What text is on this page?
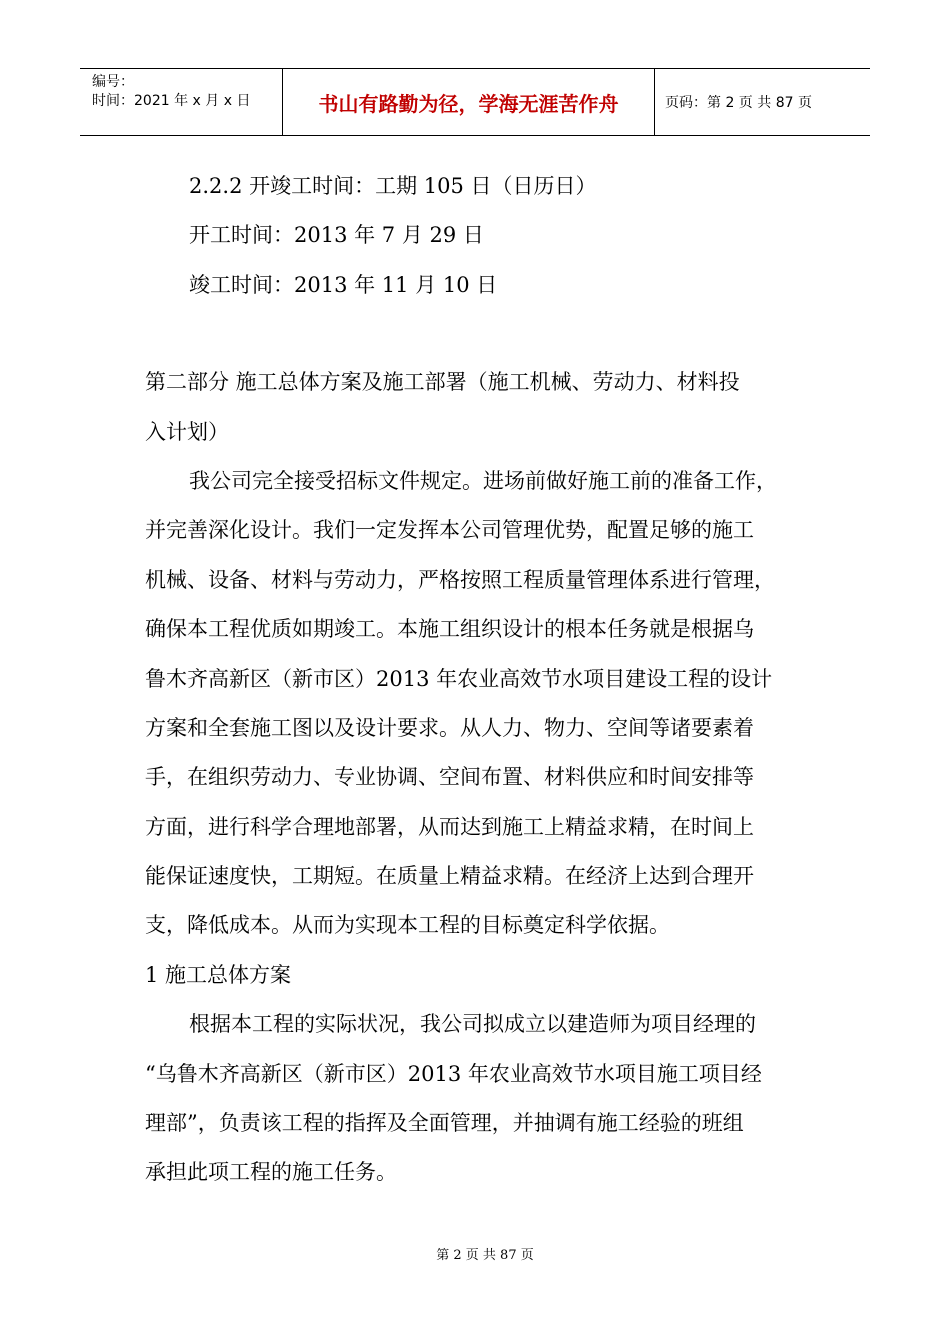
编号：
时间：2021 年 x 月 x 日	书山有路勤为径，学海无涯苦作舟	页码：第 2 页 共 87 页
2.2.2 开竣工时间：工期 105 日（日历日）
开工时间：2013 年 7 月 29 日
竣工时间：2013 年 11 月 10 日
第二部分 施工总体方案及施工部署（施工机械、劳动力、材料投
入计划）
我公司完全接受招标文件规定。进场前做好施工前的准备工作，
并完善深化设计。我们一定发挥本公司管理优势，配置足够的施工
机械、设备、材料与劳动力，严格按照工程质量管理体系进行管理，
确保本工程优质如期竣工。本施工组织设计的根本任务就是根据乌
鲁木齐高新区（新市区）2013 年农业高效节水项目建设工程的设计
方案和全套施工图以及设计要求。从人力、物力、空间等诸要素着
手，在组织劳动力、专业协调、空间布置、材料供应和时间安排等
方面，进行科学合理地部署，从而达到施工上精益求精，在时间上
能保证速度快，工期短。在质量上精益求精。在经济上达到合理开
支，降低成本。从而为实现本工程的目标奠定科学依据。
1 施工总体方案
根据本工程的实际状况，我公司拟成立以建造师为项目经理的
“乌鲁木齐高新区（新市区）2013 年农业高效节水项目施工项目经
理部”，负责该工程的指挥及全面管理，并抽调有施工经验的班组
承担此项工程的施工任务。
第 2 页 共 87 页
